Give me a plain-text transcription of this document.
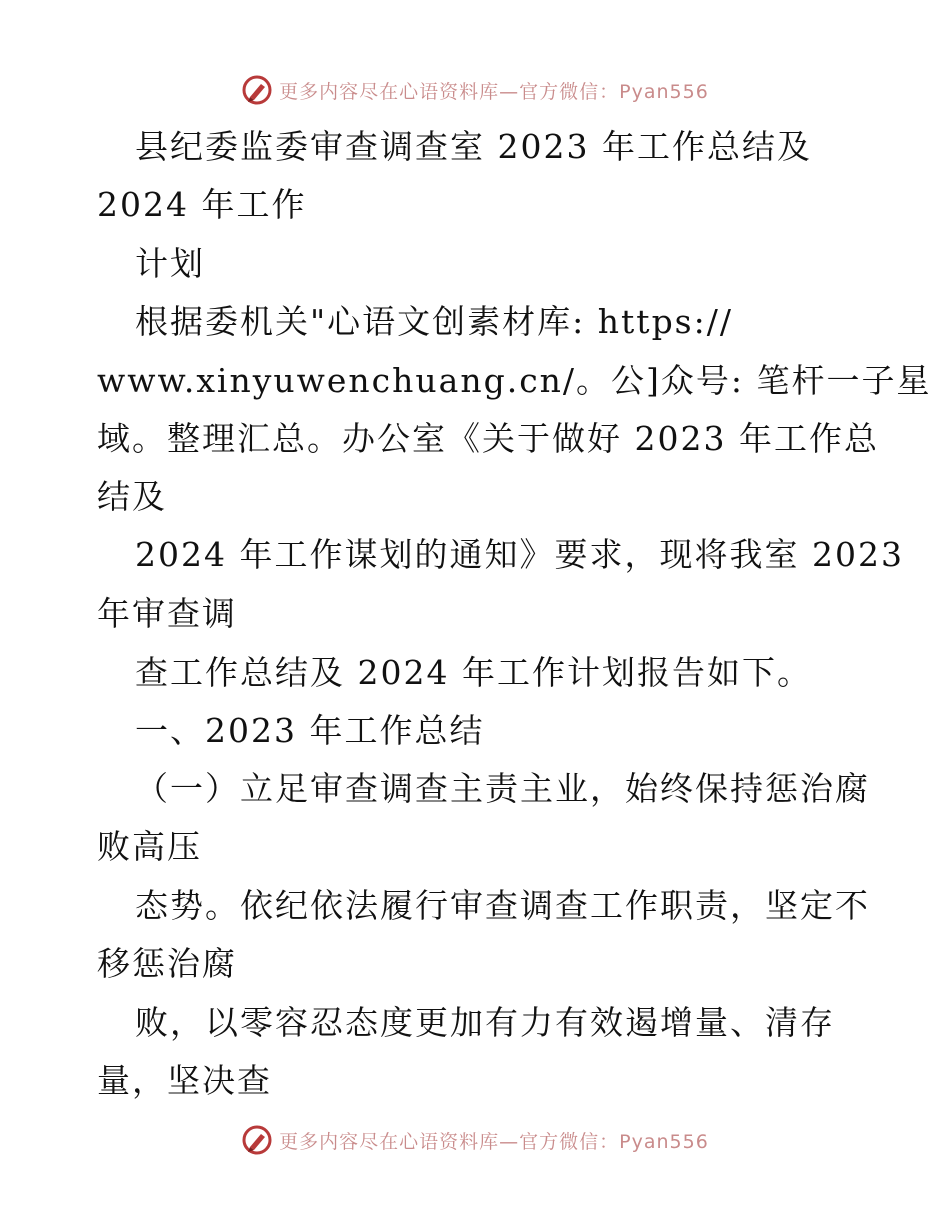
更多内容尽在心语资料库—官方微信：Pyan556
县纪委监委审查调查室 2023 年工作总结及
2024 年工作
计划
根据委机关"心语文创素材库: https://
www.xinyuwenchuang.cn/。公]众号: 笔杆一子星
域。整理汇总。办公室《关于做好 2023 年工作总
结及
2024 年工作谋划的通知》要求，现将我室 2023
年审查调
查工作总结及 2024 年工作计划报告如下。
一、2023 年工作总结
（一）立足审查调查主责主业，始终保持惩治腐
败高压
态势。依纪依法履行审查调查工作职责，坚定不
移惩治腐
败，以零容忍态度更加有力有效遏增量、清存
量，坚决查
更多内容尽在心语资料库—官方微信：Pyan556
